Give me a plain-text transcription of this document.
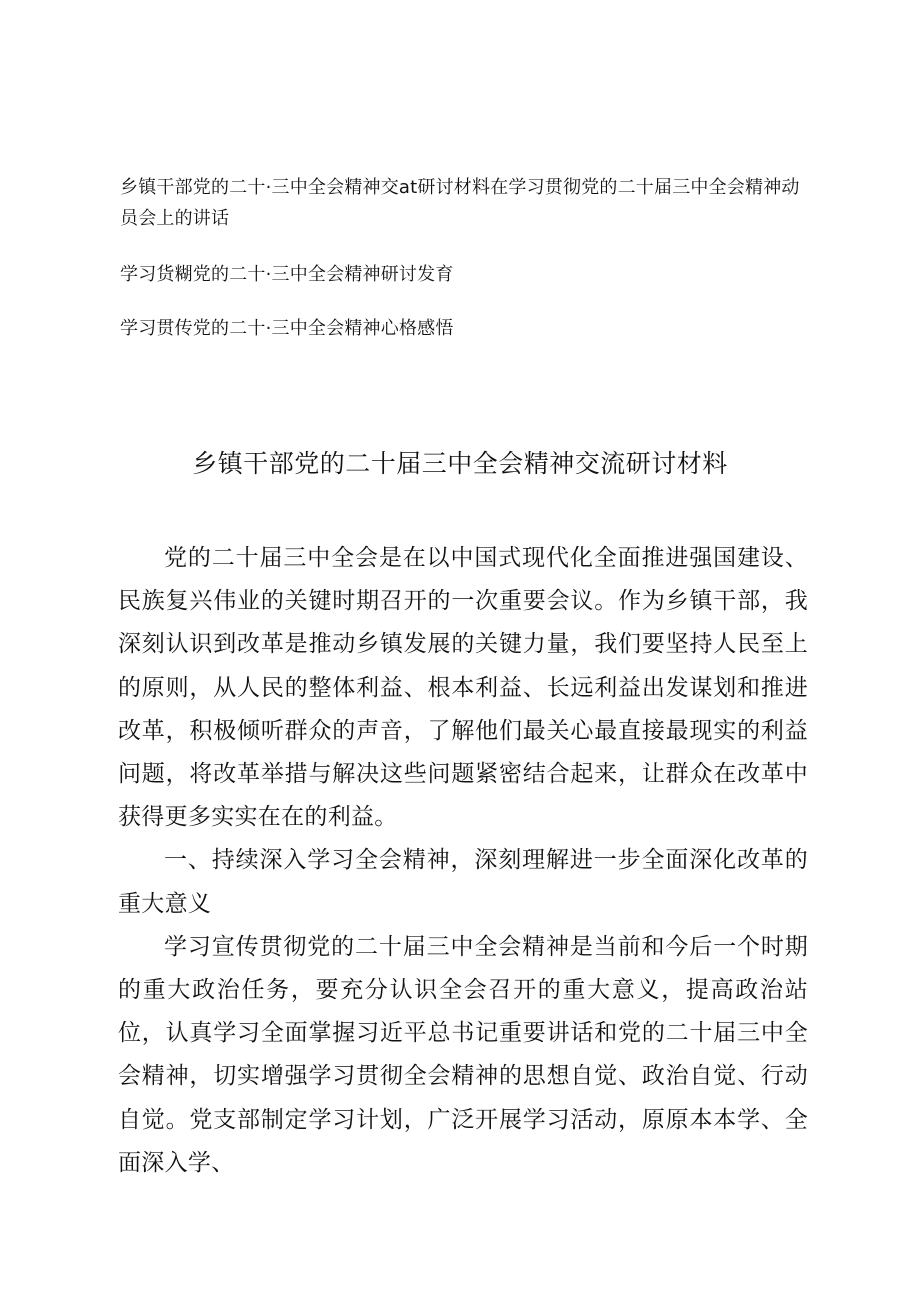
乡镇干部党的二十·三中全会精神交at研讨材料在学习贯彻党的二十届三中全会精神动员会上的讲话
学习货糊党的二十·三中全会精神研讨发育
学习贯传党的二十·三中全会精神心格感悟
乡镇干部党的二十届三中全会精神交流研讨材料

党的二十届三中全会是在以中国式现代化全面推进强国建设、民族复兴伟业的关键时期召开的一次重要会议。作为乡镇干部，我深刻认识到改革是推动乡镇发展的关键力量，我们要坚持人民至上的原则，从人民的整体利益、根本利益、长远利益出发谋划和推进改革，积极倾听群众的声音，了解他们最关心最直接最现实的利益问题，将改革举措与解决这些问题紧密结合起来，让群众在改革中获得更多实实在在的利益。

一、持续深入学习全会精神，深刻理解进一步全面深化改革的重大意义

学习宣传贯彻党的二十届三中全会精神是当前和今后一个时期的重大政治任务，要充分认识全会召开的重大意义，提高政治站位，认真学习全面掌握习近平总书记重要讲话和党的二十届三中全会精神，切实增强学习贯彻全会精神的思想自觉、政治自觉、行动自觉。党支部制定学习计划，广泛开展学习活动，原原本本学、全面深入学、
